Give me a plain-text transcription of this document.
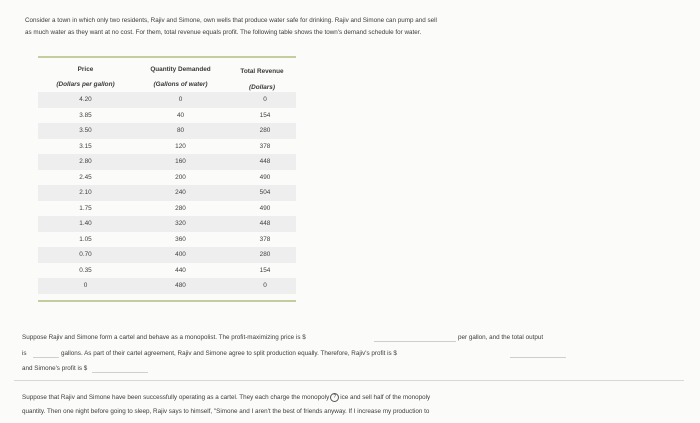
Consider a town in which only two residents, Rajiv and Simone, own wells that produce water safe for drinking. Rajiv and Simone can pump and sell
as much water as they want at no cost. For them, total revenue equals profit. The following table shows the town's demand schedule for water.
Price	Quantity Demanded	Total Revenue
(Dollars per gallon)	(Gallons of water)	(Dollars)
4.20	0	0
3.85	40	154
3.50	80	280
3.15	120	378
2.80	160	448
2.45	200	490
2.10	240	504
1.75	280	490
1.40	320	448
1.05	360	378
0.70	400	280
0.35	440	154
0	480	0
Suppose Rajiv and Simone form a cartel and behave as a monopolist. The profit-maximizing price is $	per gallon, and the total output
is	gallons. As part of their cartel agreement, Rajiv and Simone agree to split production equally. Therefore, Rajiv's profit is $
and Simone's profit is $
Suppose that Rajiv and Simone have been successfully operating as a cartel. They each charge the monopoly ? ice and sell half of the monopoly
quantity. Then one night before going to sleep, Rajiv says to himself, "Simone and I aren't the best of friends anyway. If I increase my production to
